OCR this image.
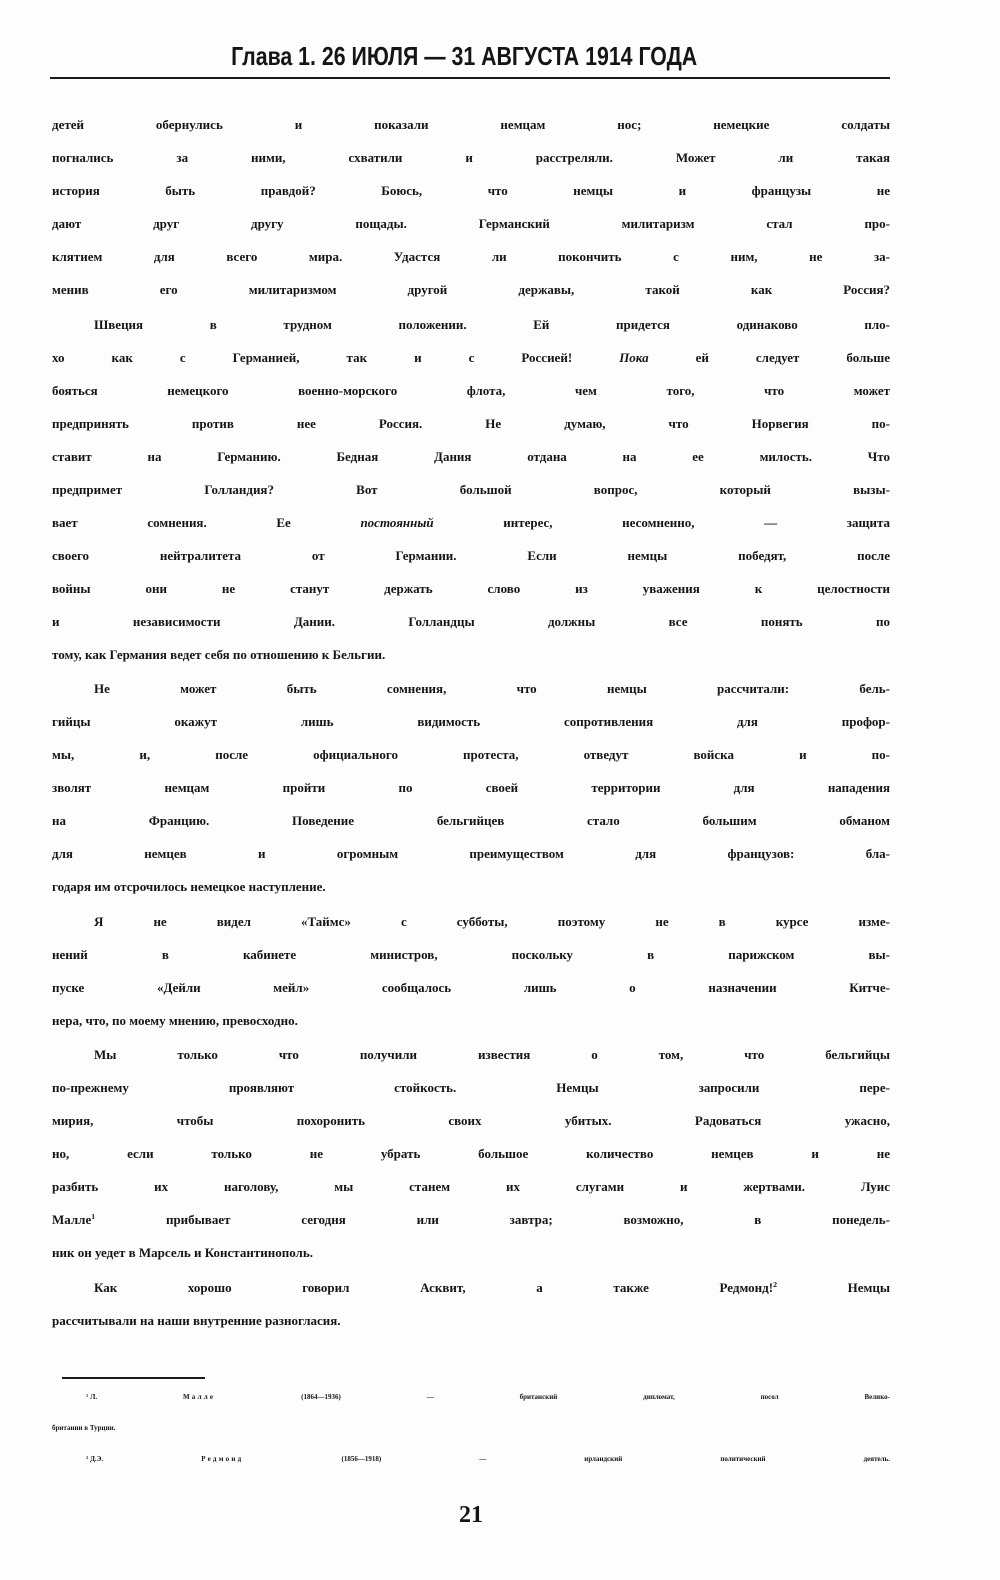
Глава 1. 26 ИЮЛЯ — 31 АВГУСТА 1914 ГОДА
детей обернулись и показали немцам нос; немецкие солдаты
погнались за ними, схватили и расстреляли. Может ли такая
история быть правдой? Боюсь, что немцы и французы не
дают друг другу пощады. Германский милитаризм стал про-
клятием для всего мира. Удастся ли покончить с ним, не за-
менив его милитаризмом другой державы, такой как Россия?
Швеция в трудном положении. Ей придется одинаково пло-
хо как с Германией, так и с Россией! Пока ей следует больше
бояться немецкого военно-морского флота, чем того, что может
предпринять против нее Россия. Не думаю, что Норвегия по-
ставит на Германию. Бедная Дания отдана на ее милость. Что
предпримет Голландия? Вот большой вопрос, который вызы-
вает сомнения. Ее постоянный интерес, несомненно, — защита
своего нейтралитета от Германии. Если немцы победят, после
войны они не станут держать слово из уважения к целостности
и независимости Дании. Голландцы должны все понять по
тому, как Германия ведет себя по отношению к Бельгии.
Не может быть сомнения, что немцы рассчитали: бель-
гийцы окажут лишь видимость сопротивления для профор-
мы, и, после официального протеста, отведут войска и по-
зволят немцам пройти по своей территории для нападения
на Францию. Поведение бельгийцев стало большим обманом
для немцев и огромным преимуществом для французов: бла-
годаря им отсрочилось немецкое наступление.
Я не видел «Таймс» с субботы, поэтому не в курсе изме-
нений в кабинете министров, поскольку в парижском вы-
пуске «Дейли мейл» сообщалось лишь о назначении Китче-
нера, что, по моему мнению, превосходно.
Мы только что получили известия о том, что бельгийцы
по-прежнему проявляют стойкость. Немцы запросили пере-
мирия, чтобы похоронить своих убитых. Радоваться ужасно,
но, если только не убрать большое количество немцев и не
разбить их наголову, мы станем их слугами и жертвами. Луис
Малле$^1$ прибывает сегодня или завтра; возможно, в понедель-
ник он уедет в Марсель и Константинополь.
Как хорошо говорил Асквит, а также Редмонд!$^2$ Немцы
рассчитывали на наши внутренние разногласия.
$^1$ Л. Малле (1864—1936) — британский дипломат, посол Велико-
британии в Турции.
$^2$ Д.Э. Редмонд (1856—1918) — ирландский политический деятель.
21
